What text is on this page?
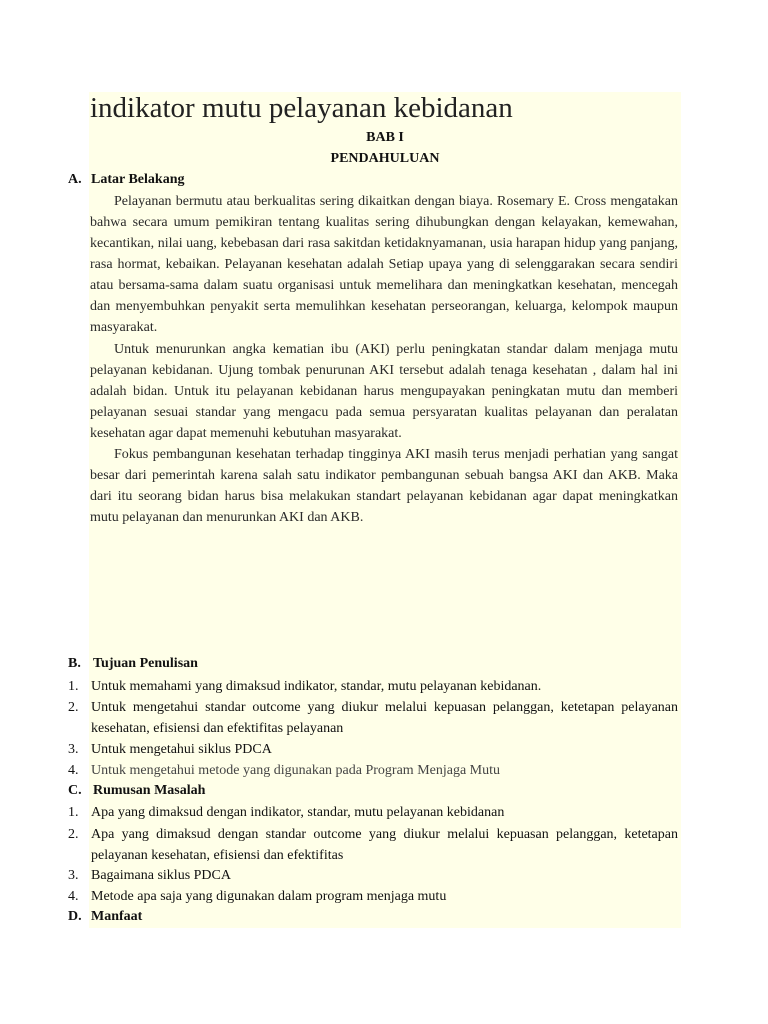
indikator mutu pelayanan kebidanan
BAB I
PENDAHULUAN
A. Latar Belakang

Pelayanan bermutu atau berkualitas sering dikaitkan dengan biaya. Rosemary E. Cross mengatakan bahwa secara umum pemikiran tentang kualitas sering dihubungkan dengan kelayakan, kemewahan, kecantikan, nilai uang, kebebasan dari rasa sakitdan ketidaknyamanan, usia harapan hidup yang panjang, rasa hormat, kebaikan. Pelayanan kesehatan adalah Setiap upaya yang di selenggarakan secara sendiri atau bersama-sama dalam suatu organisasi untuk memelihara dan meningkatkan kesehatan, mencegah dan menyembuhkan penyakit serta memulihkan kesehatan perseorangan, keluarga, kelompok maupun masyarakat.

Untuk menurunkan angka kematian ibu (AKI) perlu peningkatan standar dalam menjaga mutu pelayanan kebidanan. Ujung tombak penurunan AKI tersebut adalah tenaga kesehatan , dalam hal ini adalah bidan. Untuk itu pelayanan kebidanan harus mengupayakan peningkatan mutu dan memberi pelayanan sesuai standar yang mengacu pada semua persyaratan kualitas pelayanan dan peralatan kesehatan agar dapat memenuhi kebutuhan masyarakat.

Fokus pembangunan kesehatan terhadap tingginya AKI masih terus menjadi perhatian yang sangat besar dari pemerintah karena salah satu indikator pembangunan sebuah bangsa AKI dan AKB. Maka dari itu seorang bidan harus bisa melakukan standart pelayanan kebidanan agar dapat meningkatkan mutu pelayanan dan menurunkan AKI dan AKB.

B. Tujuan Penulisan
1. Untuk memahami yang dimaksud indikator, standar, mutu pelayanan kebidanan.
2. Untuk mengetahui standar outcome yang diukur melalui kepuasan pelanggan, ketetapan pelayanan kesehatan, efisiensi dan efektifitas pelayanan
3. Untuk mengetahui siklus PDCA
4. Untuk mengetahui metode yang digunakan pada Program Menjaga Mutu
C. Rumusan Masalah
1. Apa yang dimaksud dengan indikator, standar, mutu pelayanan kebidanan
2. Apa yang dimaksud dengan standar outcome yang diukur melalui kepuasan pelanggan, ketetapan pelayanan kesehatan, efisiensi dan efektifitas
3. Bagaimana siklus PDCA
4. Metode apa saja yang digunakan dalam program menjaga mutu
D. Manfaat
